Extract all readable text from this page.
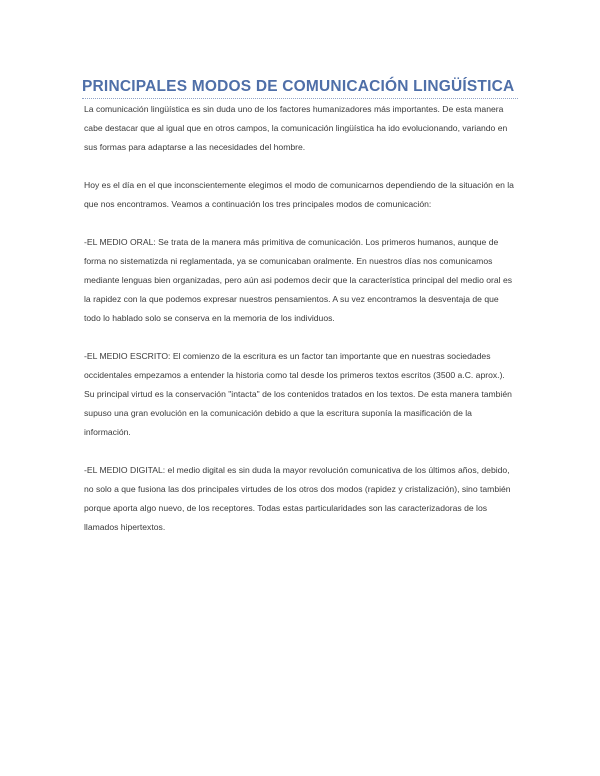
PRINCIPALES MODOS DE COMUNICACIÓN LINGÜÍSTICA

La comunicación lingüística es sin duda uno de los factores humanizadores más importantes. De esta manera cabe destacar que al igual que en otros campos, la comunicación lingüística ha ido evolucionando, variando en sus formas para adaptarse a las necesidades del hombre.

Hoy es el día en el que inconscientemente elegimos el modo de comunicarnos dependiendo de la situación en la que nos encontramos. Veamos a continuación los tres principales modos de comunicación:

-EL MEDIO ORAL: Se trata de la manera más primitiva de comunicación. Los primeros humanos, aunque de forma no sistematizda ni reglamentada, ya se comunicaban oralmente. En nuestros días nos comunicamos mediante lenguas bien organizadas, pero aún asi podemos decir que la característica principal del medio oral es la rapidez con la que podemos expresar nuestros pensamientos. A su vez encontramos la desventaja de que todo lo hablado solo se conserva en la memoria de los individuos.

-EL MEDIO ESCRITO: El comienzo de la escritura es un factor tan importante que en nuestras sociedades occidentales empezamos a entender la historia como tal desde los primeros textos escritos (3500 a.C. aprox.). Su principal virtud es la conservación "intacta" de los contenidos tratados en los textos. De esta manera también supuso una gran evolución en la comunicación debido a que la escritura suponía la masificación de la información.

-EL MEDIO DIGITAL: el medio digital es sin duda la mayor revolución comunicativa de los últimos años, debido, no solo a que fusiona las dos principales virtudes de los otros dos modos (rapidez y cristalización), sino también porque aporta algo nuevo, de los receptores. Todas estas particularidades son las caracterizadoras de los llamados hipertextos.
